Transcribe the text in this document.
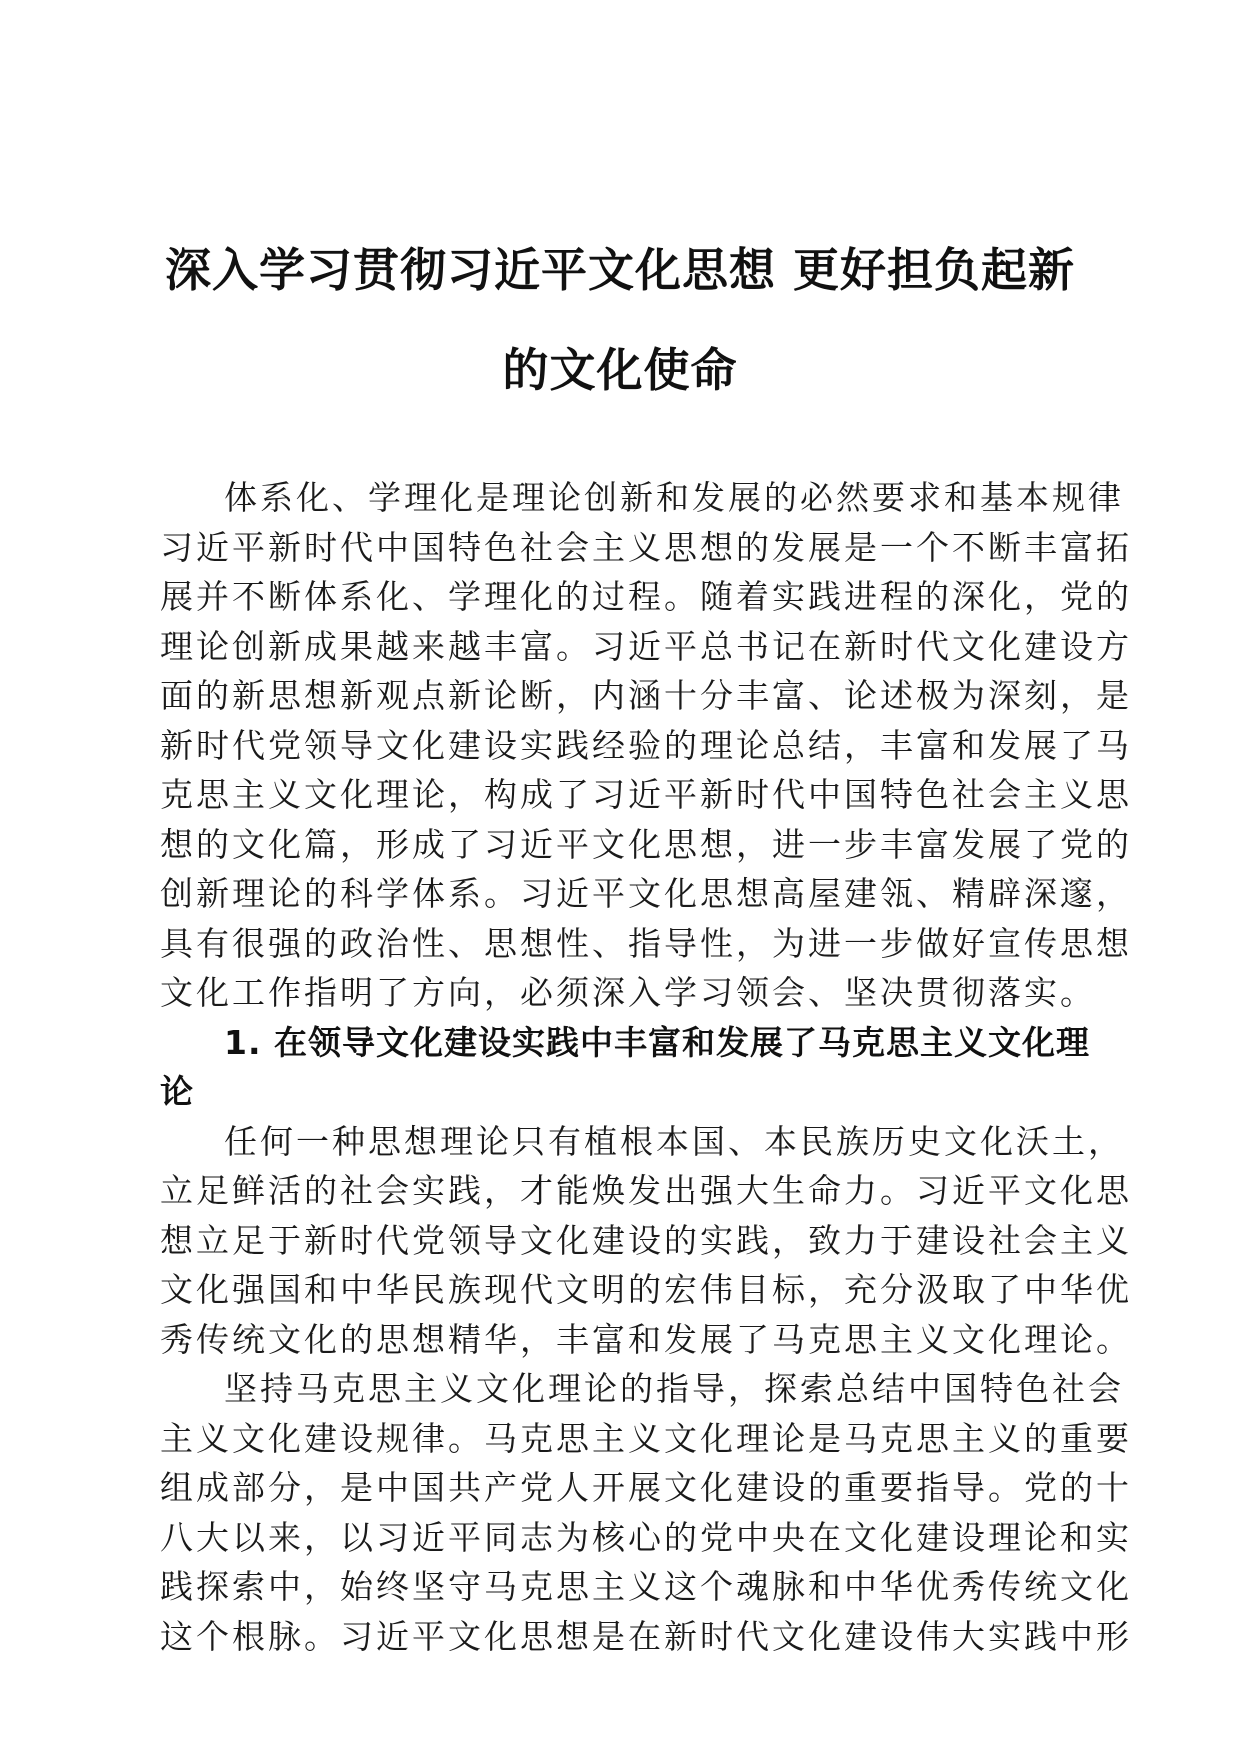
深入学习贯彻习近平文化思想 更好担负起新
的文化使命

体系化、学理化是理论创新和发展的必然要求和基本规律
习近平新时代中国特色社会主义思想的发展是一个不断丰富拓
展并不断体系化、学理化的过程。随着实践进程的深化，党的
理论创新成果越来越丰富。习近平总书记在新时代文化建设方
面的新思想新观点新论断，内涵十分丰富、论述极为深刻，是
新时代党领导文化建设实践经验的理论总结，丰富和发展了马
克思主义文化理论，构成了习近平新时代中国特色社会主义思
想的文化篇，形成了习近平文化思想，进一步丰富发展了党的
创新理论的科学体系。习近平文化思想高屋建瓴、精辟深邃，
具有很强的政治性、思想性、指导性，为进一步做好宣传思想
文化工作指明了方向，必须深入学习领会、坚决贯彻落实。

1. 在领导文化建设实践中丰富和发展了马克思主义文化理
论

任何一种思想理论只有植根本国、本民族历史文化沃土，
立足鲜活的社会实践，才能焕发出强大生命力。习近平文化思
想立足于新时代党领导文化建设的实践，致力于建设社会主义
文化强国和中华民族现代文明的宏伟目标，充分汲取了中华优
秀传统文化的思想精华，丰富和发展了马克思主义文化理论。

坚持马克思主义文化理论的指导，探索总结中国特色社会
主义文化建设规律。马克思主义文化理论是马克思主义的重要
组成部分，是中国共产党人开展文化建设的重要指导。党的十
八大以来，以习近平同志为核心的党中央在文化建设理论和实
践探索中，始终坚守马克思主义这个魂脉和中华优秀传统文化
这个根脉。习近平文化思想是在新时代文化建设伟大实践中形
